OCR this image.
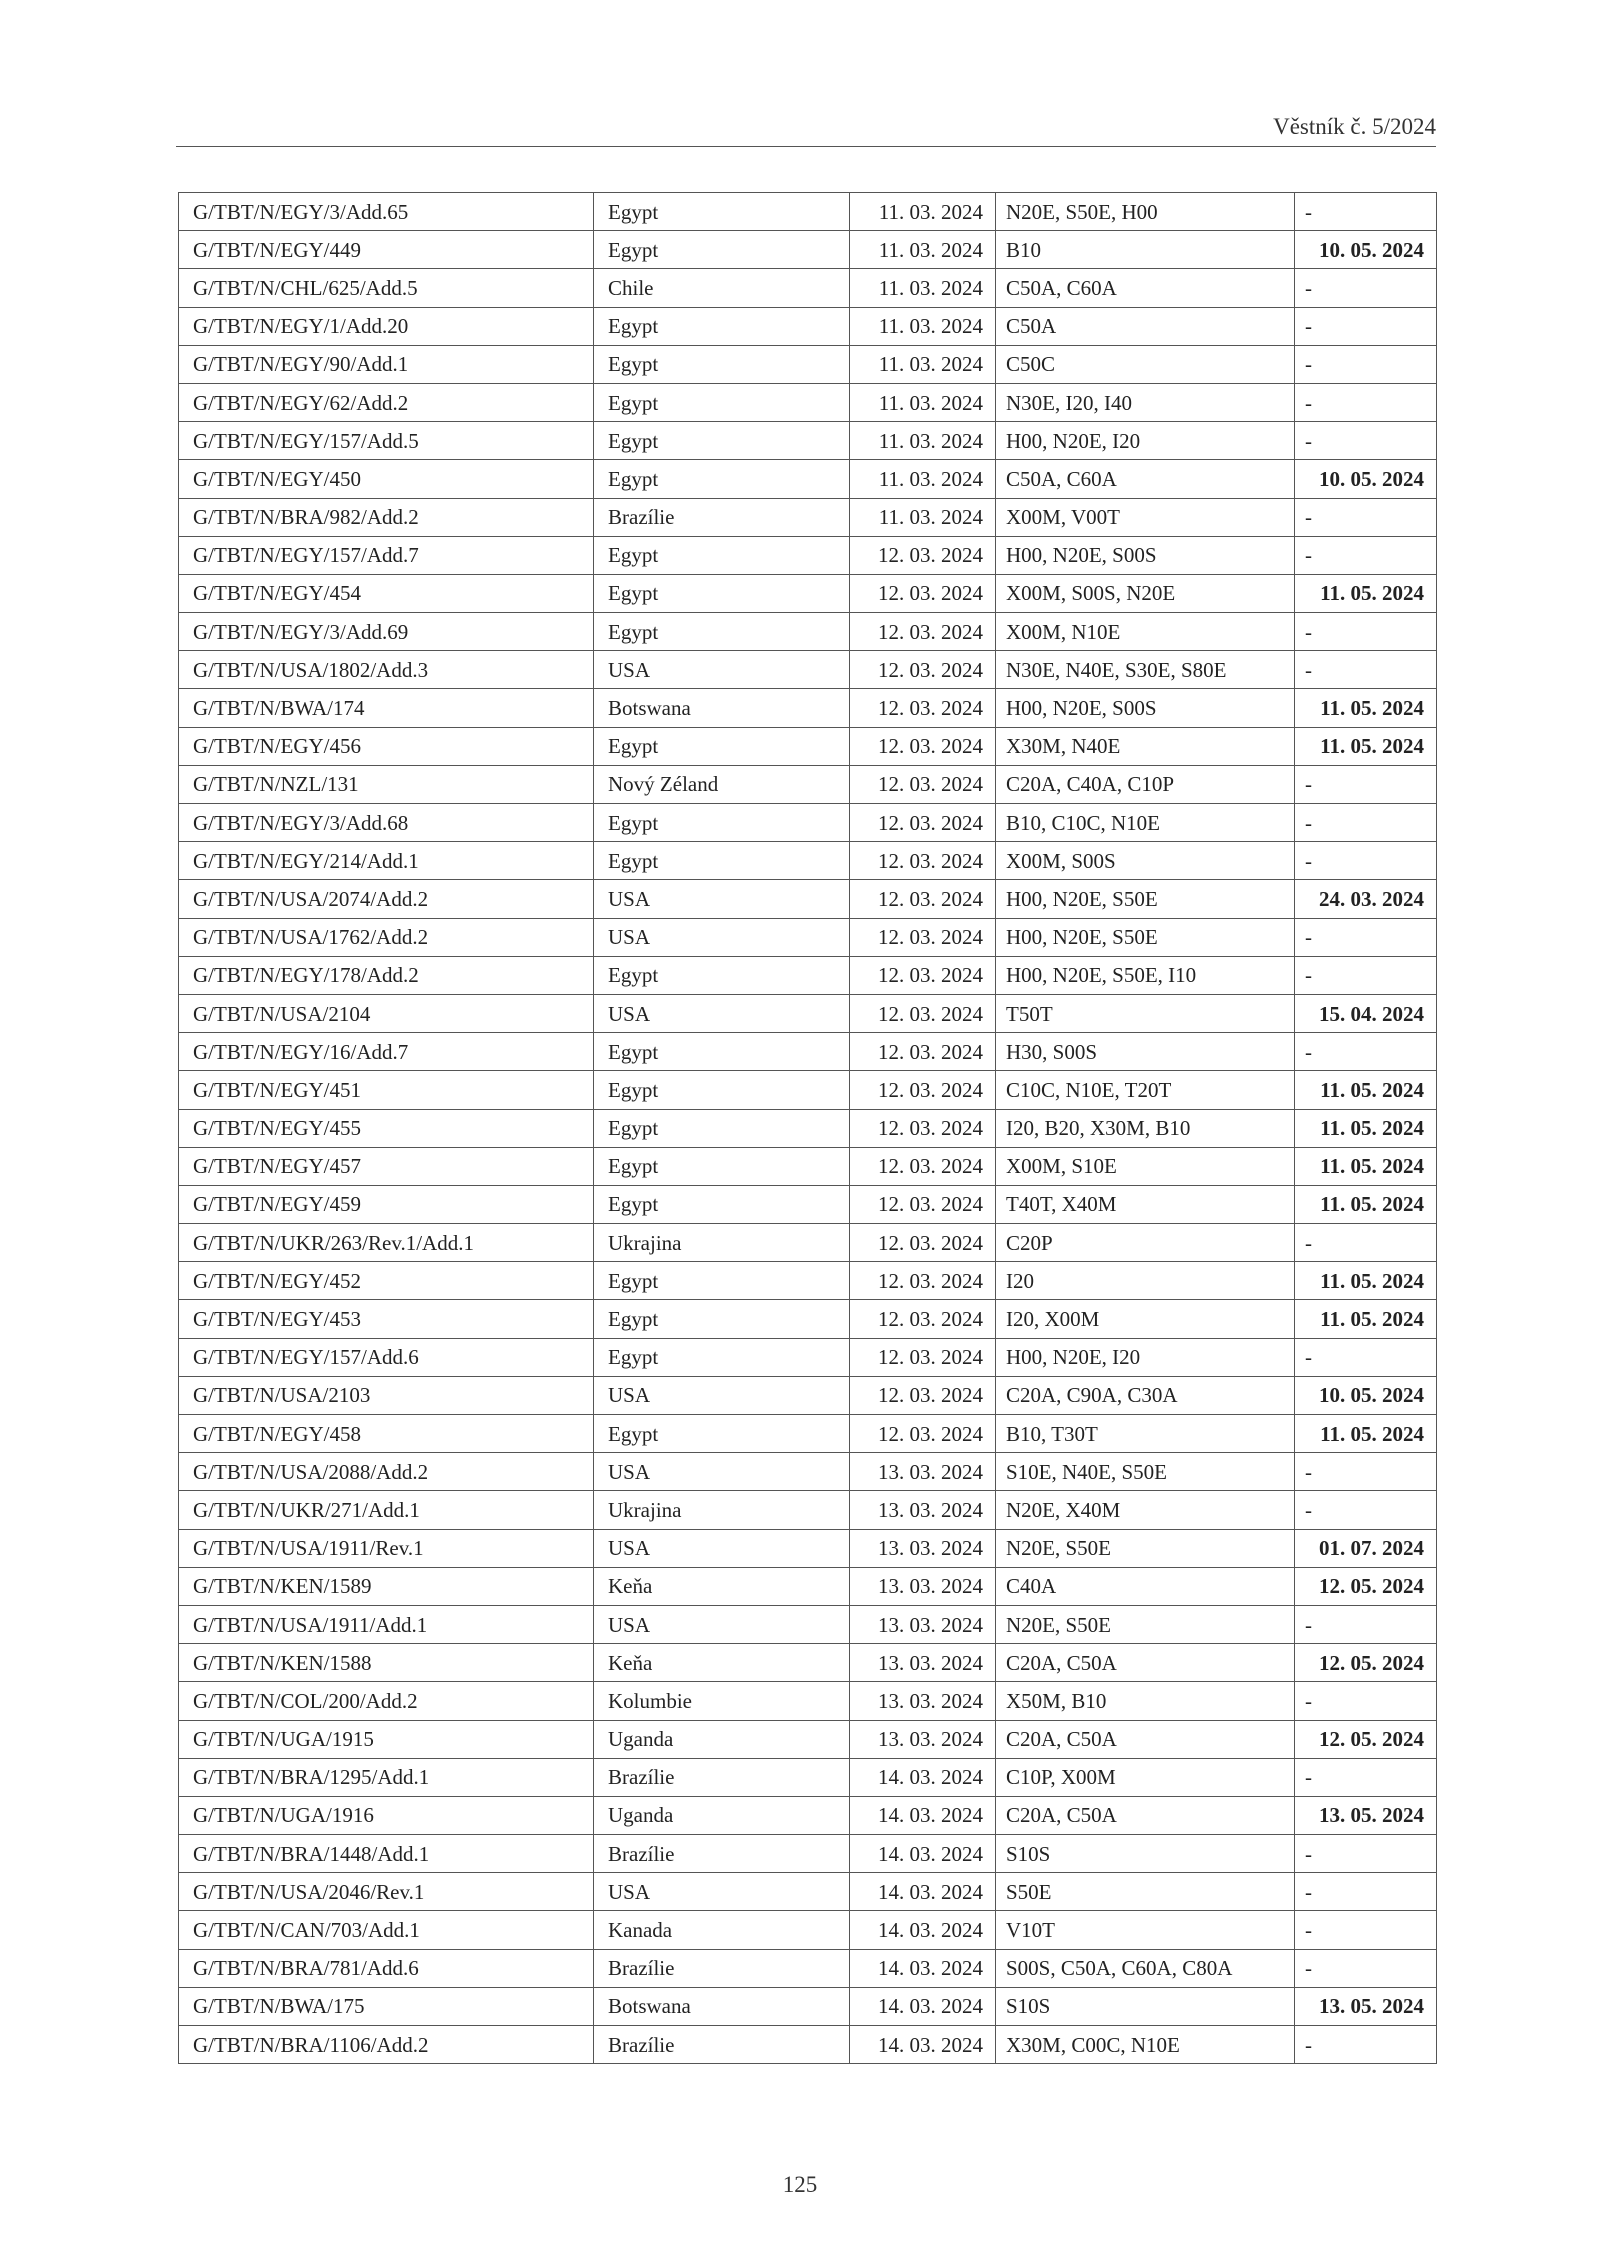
Věstník č. 5/2024
G/TBT/N/EGY/3/Add.65	Egypt	11. 03. 2024	N20E, S50E, H00	-
G/TBT/N/EGY/449	Egypt	11. 03. 2024	B10	10. 05. 2024
G/TBT/N/CHL/625/Add.5	Chile	11. 03. 2024	C50A, C60A	-
G/TBT/N/EGY/1/Add.20	Egypt	11. 03. 2024	C50A	-
G/TBT/N/EGY/90/Add.1	Egypt	11. 03. 2024	C50C	-
G/TBT/N/EGY/62/Add.2	Egypt	11. 03. 2024	N30E, I20, I40	-
G/TBT/N/EGY/157/Add.5	Egypt	11. 03. 2024	H00, N20E, I20	-
G/TBT/N/EGY/450	Egypt	11. 03. 2024	C50A, C60A	10. 05. 2024
G/TBT/N/BRA/982/Add.2	Brazílie	11. 03. 2024	X00M, V00T	-
G/TBT/N/EGY/157/Add.7	Egypt	12. 03. 2024	H00, N20E, S00S	-
G/TBT/N/EGY/454	Egypt	12. 03. 2024	X00M, S00S, N20E	11. 05. 2024
G/TBT/N/EGY/3/Add.69	Egypt	12. 03. 2024	X00M, N10E	-
G/TBT/N/USA/1802/Add.3	USA	12. 03. 2024	N30E, N40E, S30E, S80E	-
G/TBT/N/BWA/174	Botswana	12. 03. 2024	H00, N20E, S00S	11. 05. 2024
G/TBT/N/EGY/456	Egypt	12. 03. 2024	X30M, N40E	11. 05. 2024
G/TBT/N/NZL/131	Nový Zéland	12. 03. 2024	C20A, C40A, C10P	-
G/TBT/N/EGY/3/Add.68	Egypt	12. 03. 2024	B10, C10C, N10E	-
G/TBT/N/EGY/214/Add.1	Egypt	12. 03. 2024	X00M, S00S	-
G/TBT/N/USA/2074/Add.2	USA	12. 03. 2024	H00, N20E, S50E	24. 03. 2024
G/TBT/N/USA/1762/Add.2	USA	12. 03. 2024	H00, N20E, S50E	-
G/TBT/N/EGY/178/Add.2	Egypt	12. 03. 2024	H00, N20E, S50E, I10	-
G/TBT/N/USA/2104	USA	12. 03. 2024	T50T	15. 04. 2024
G/TBT/N/EGY/16/Add.7	Egypt	12. 03. 2024	H30, S00S	-
G/TBT/N/EGY/451	Egypt	12. 03. 2024	C10C, N10E, T20T	11. 05. 2024
G/TBT/N/EGY/455	Egypt	12. 03. 2024	I20, B20, X30M, B10	11. 05. 2024
G/TBT/N/EGY/457	Egypt	12. 03. 2024	X00M, S10E	11. 05. 2024
G/TBT/N/EGY/459	Egypt	12. 03. 2024	T40T, X40M	11. 05. 2024
G/TBT/N/UKR/263/Rev.1/Add.1	Ukrajina	12. 03. 2024	C20P	-
G/TBT/N/EGY/452	Egypt	12. 03. 2024	I20	11. 05. 2024
G/TBT/N/EGY/453	Egypt	12. 03. 2024	I20, X00M	11. 05. 2024
G/TBT/N/EGY/157/Add.6	Egypt	12. 03. 2024	H00, N20E, I20	-
G/TBT/N/USA/2103	USA	12. 03. 2024	C20A, C90A, C30A	10. 05. 2024
G/TBT/N/EGY/458	Egypt	12. 03. 2024	B10, T30T	11. 05. 2024
G/TBT/N/USA/2088/Add.2	USA	13. 03. 2024	S10E, N40E, S50E	-
G/TBT/N/UKR/271/Add.1	Ukrajina	13. 03. 2024	N20E, X40M	-
G/TBT/N/USA/1911/Rev.1	USA	13. 03. 2024	N20E, S50E	01. 07. 2024
G/TBT/N/KEN/1589	Keňa	13. 03. 2024	C40A	12. 05. 2024
G/TBT/N/USA/1911/Add.1	USA	13. 03. 2024	N20E, S50E	-
G/TBT/N/KEN/1588	Keňa	13. 03. 2024	C20A, C50A	12. 05. 2024
G/TBT/N/COL/200/Add.2	Kolumbie	13. 03. 2024	X50M, B10	-
G/TBT/N/UGA/1915	Uganda	13. 03. 2024	C20A, C50A	12. 05. 2024
G/TBT/N/BRA/1295/Add.1	Brazílie	14. 03. 2024	C10P, X00M	-
G/TBT/N/UGA/1916	Uganda	14. 03. 2024	C20A, C50A	13. 05. 2024
G/TBT/N/BRA/1448/Add.1	Brazílie	14. 03. 2024	S10S	-
G/TBT/N/USA/2046/Rev.1	USA	14. 03. 2024	S50E	-
G/TBT/N/CAN/703/Add.1	Kanada	14. 03. 2024	V10T	-
G/TBT/N/BRA/781/Add.6	Brazílie	14. 03. 2024	S00S, C50A, C60A, C80A	-
G/TBT/N/BWA/175	Botswana	14. 03. 2024	S10S	13. 05. 2024
G/TBT/N/BRA/1106/Add.2	Brazílie	14. 03. 2024	X30M, C00C, N10E	-
125
